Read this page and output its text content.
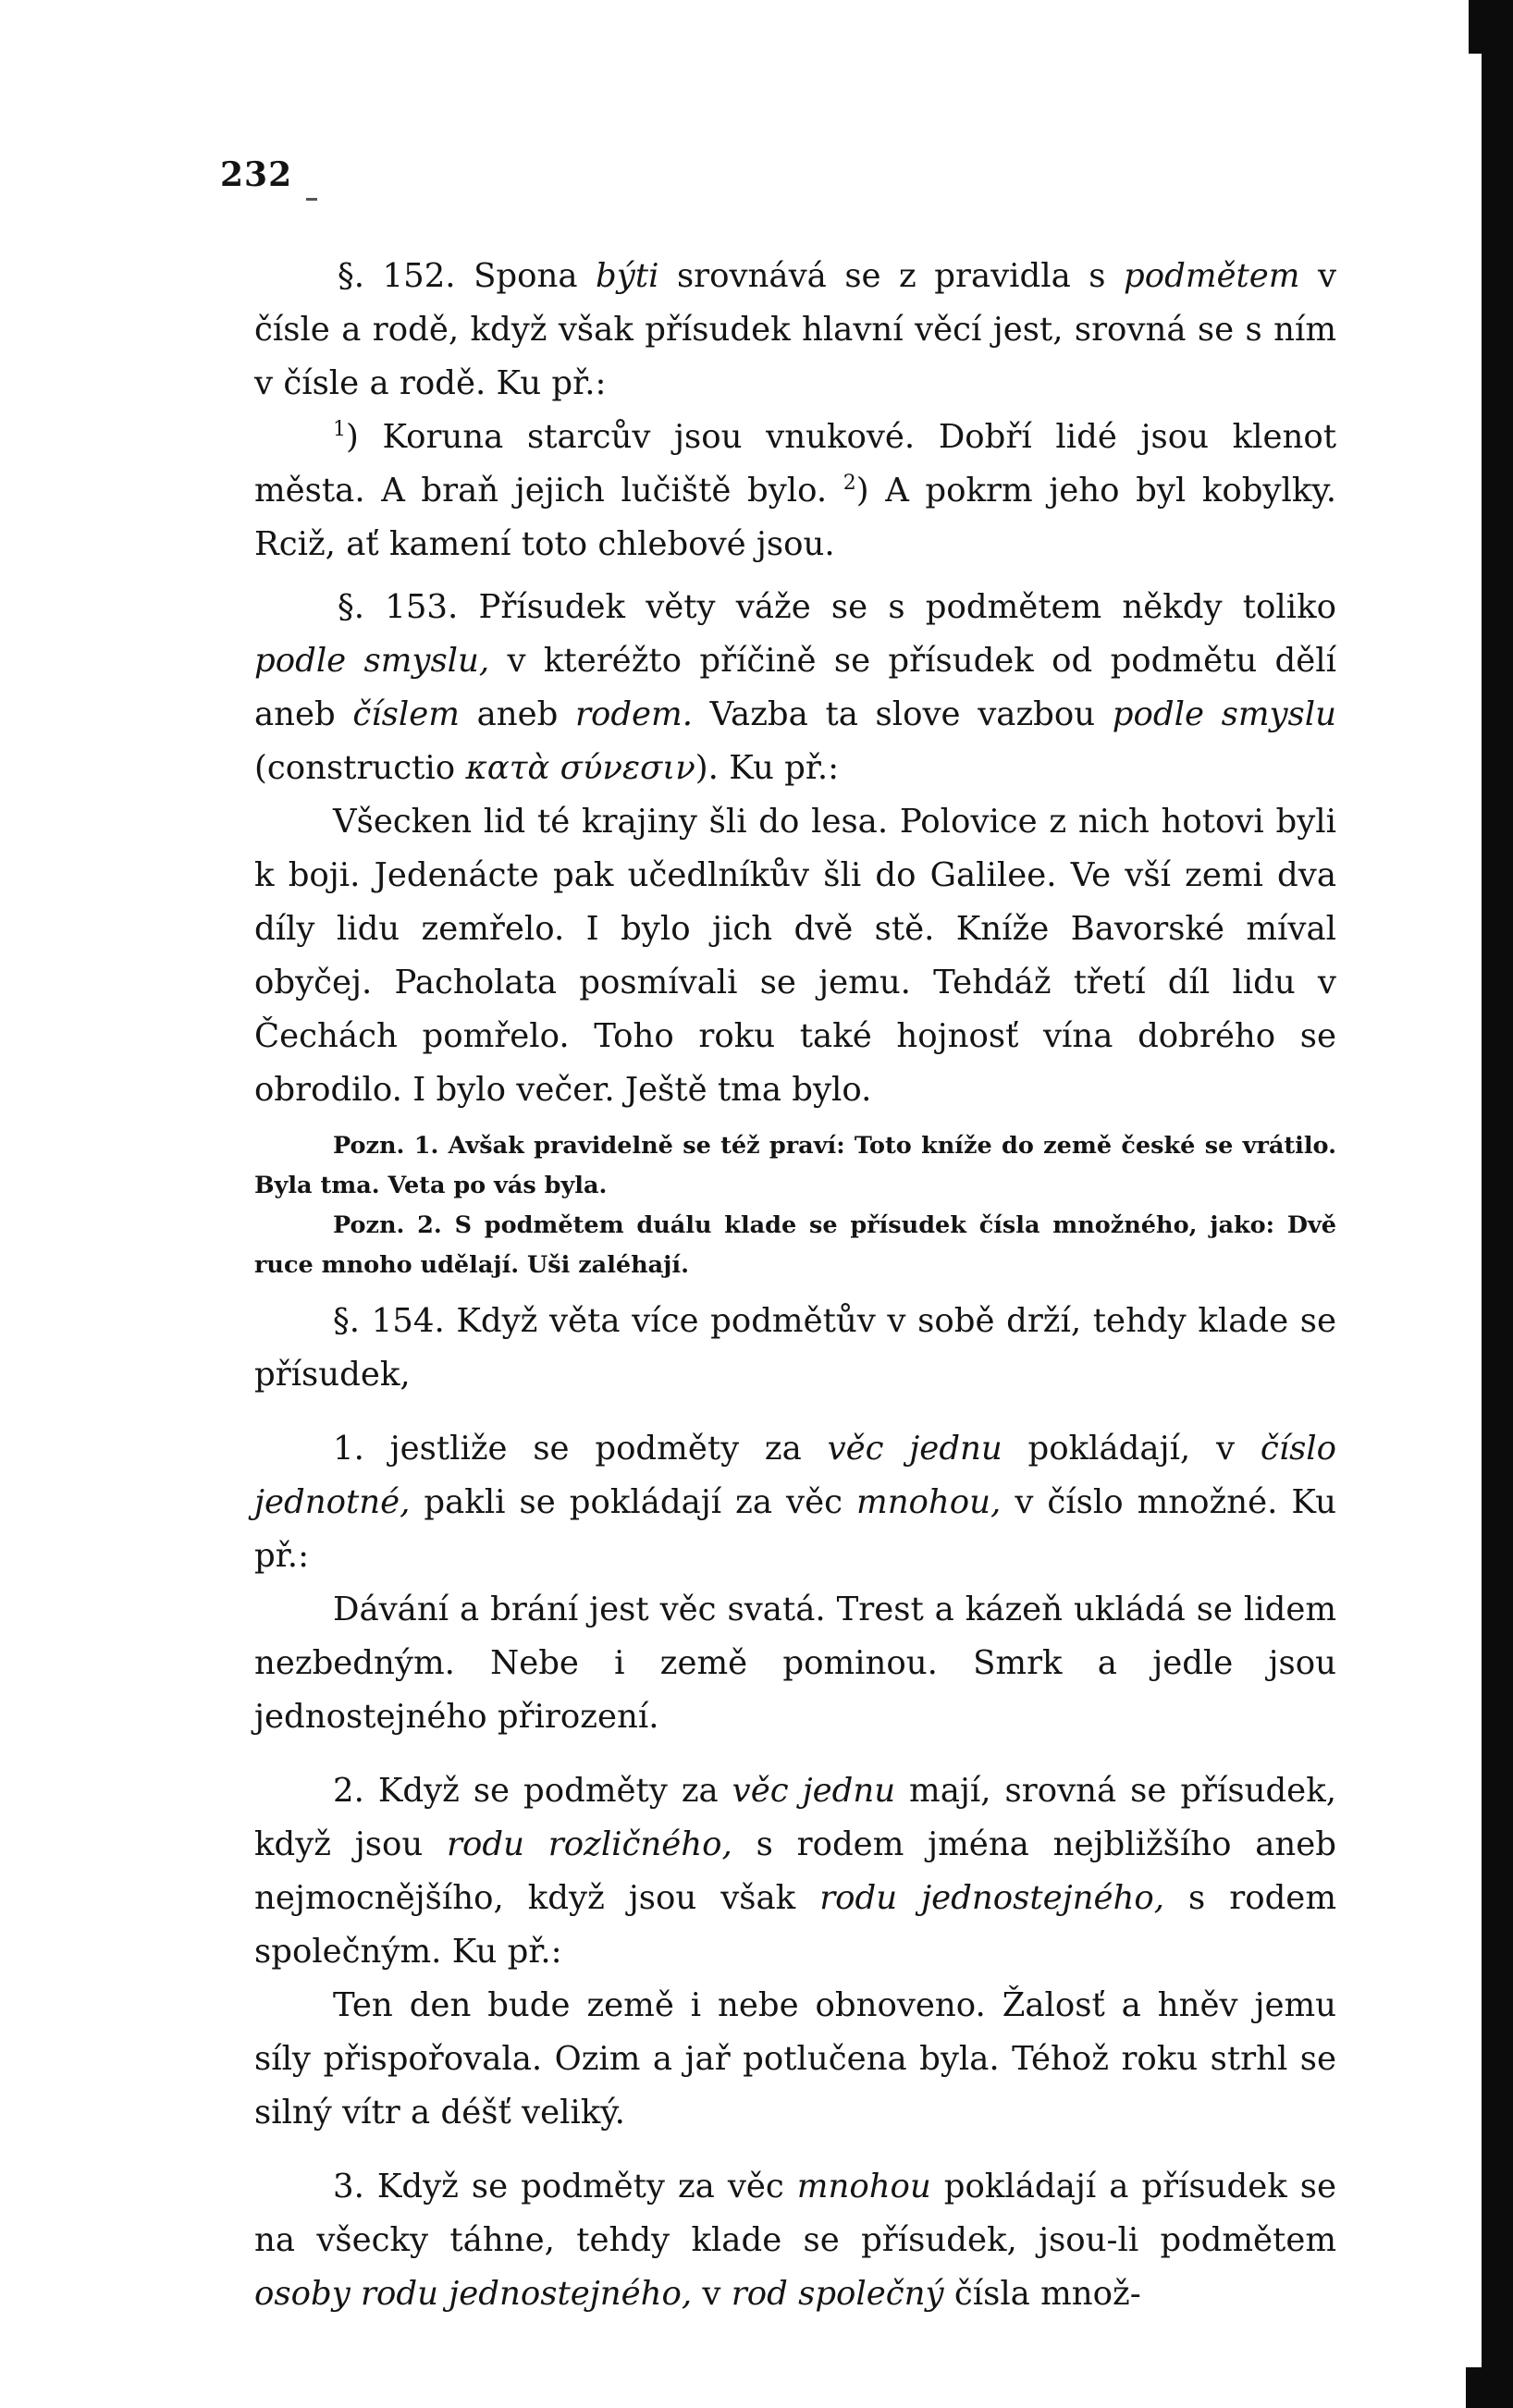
232

§. 152. Spona býti srovnává se z pravidla s podmětem v čísle a rodě, když však přísudek hlavní věcí jest, srovná se s ním v čísle a rodě. Ku př.:

$^1$) Koruna starcův jsou vnukové. Dobří lidé jsou klenot města. A braň jejich lučiště bylo. $^2$) A pokrm jeho byl kobylky. Rciž, ať kamení toto chlebové jsou.

§. 153. Přísudek věty váže se s podmětem někdy toliko podle smyslu, v kteréžto příčině se přísudek od podmětu dělí aneb číslem aneb rodem. Vazba ta slove vazbou podle smyslu (constructio κατὰ σύνεσιν). Ku př.:

Všecken lid té krajiny šli do lesa. Polovice z nich hotovi byli k boji. Jedenácte pak učedlníkův šli do Galilee. Ve vší zemi dva díly lidu zemřelo. I bylo jich dvě stě. Kníže Bavorské míval obyčej. Pacholata posmívali se jemu. Tehdáž třetí díl lidu v Čechách pomřelo. Toho roku také hojnosť vína dobrého se obrodilo. I bylo večer. Ještě tma bylo.

Pozn. 1. Avšak pravidelně se též praví: Toto kníže do země české se vrátilo. Byla tma. Veta po vás byla.

Pozn. 2. S podmětem duálu klade se přísudek čísla množného, jako: Dvě ruce mnoho udělají. Uši zaléhají.

§. 154. Když věta více podmětův v sobě drží, tehdy klade se přísudek,

1. jestliže se podměty za věc jednu pokládají, v číslo jednotné, pakli se pokládají za věc mnohou, v číslo množné. Ku př.:

Dávání a brání jest věc svatá. Trest a kázeň ukládá se lidem nezbedným. Nebe i země pominou. Smrk a jedle jsou jednostejného přirození.

2. Když se podměty za věc jednu mají, srovná se přísudek, když jsou rodu rozličného, s rodem jména nejbližšího aneb nejmocnějšího, když jsou však rodu jednostejného, s rodem společným. Ku př.:

Ten den bude země i nebe obnoveno. Žalosť a hněv jemu síly přispořovala. Ozim a jař potlučena byla. Téhož roku strhl se silný vítr a déšť veliký.

3. Když se podměty za věc mnohou pokládají a přísudek se na všecky táhne, tehdy klade se přísudek, jsou-li podmětem osoby rodu jednostejného, v rod společný čísla množ-
